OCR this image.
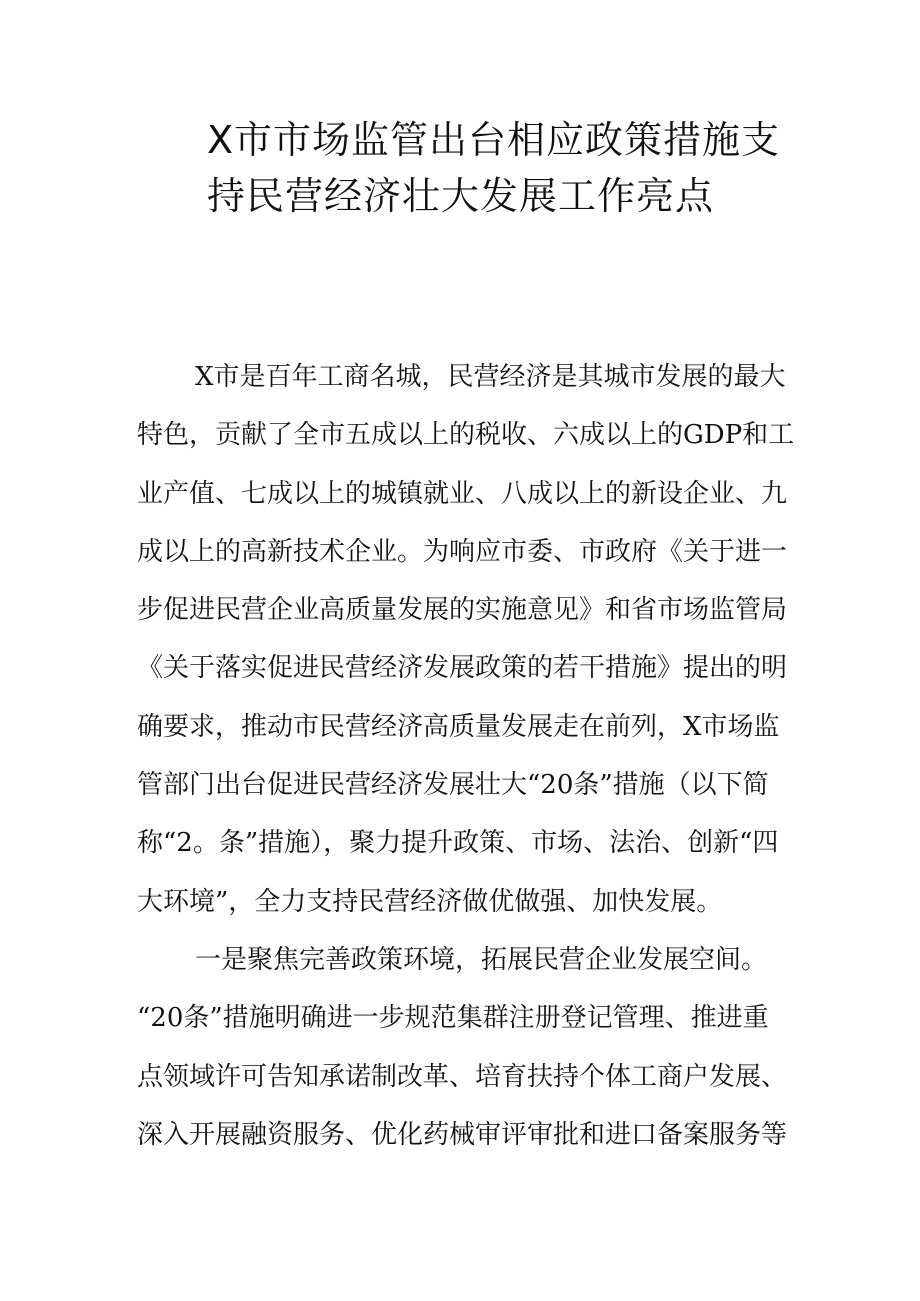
X市市场监管出台相应政策措施支
持民营经济壮大发展工作亮点
X市是百年工商名城，民营经济是其城市发展的最大
特色，贡献了全市五成以上的税收、六成以上的GDP和工
业产值、七成以上的城镇就业、八成以上的新设企业、九
成以上的高新技术企业。为响应市委、市政府《关于进一
步促进民营企业高质量发展的实施意见》和省市场监管局
《关于落实促进民营经济发展政策的若干措施》提出的明
确要求，推动市民营经济高质量发展走在前列，X市场监
管部门出台促进民营经济发展壮大“20条”措施（以下简
称“2。条”措施），聚力提升政策、市场、法治、创新“四
大环境”，全力支持民营经济做优做强、加快发展。
一是聚焦完善政策环境，拓展民营企业发展空间。
“20条”措施明确进一步规范集群注册登记管理、推进重
点领域许可告知承诺制改革、培育扶持个体工商户发展、
深入开展融资服务、优化药械审评审批和进口备案服务等
